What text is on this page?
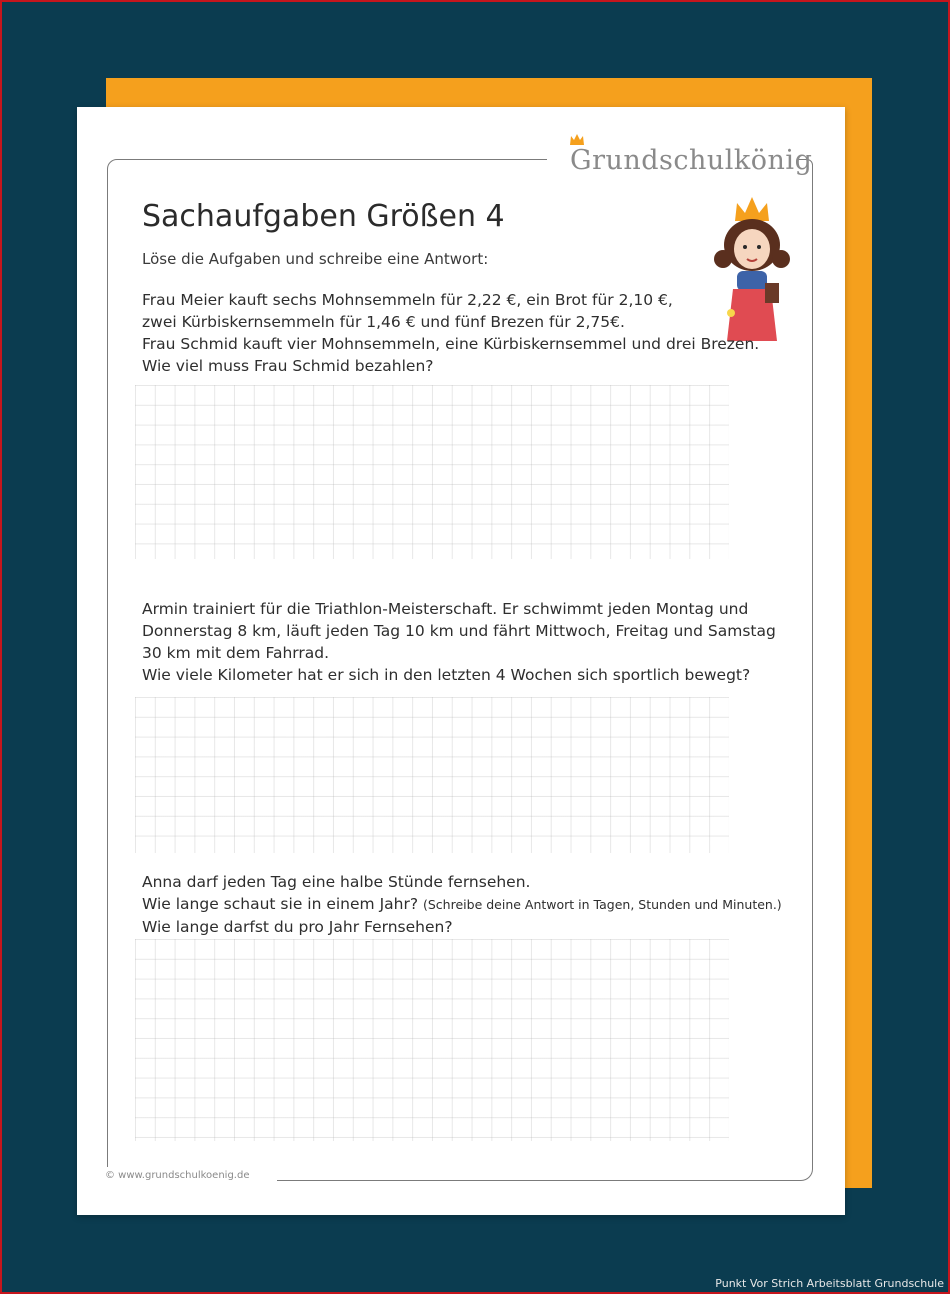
Grundschulkönig
Sachaufgaben Größen 4
Löse die Aufgaben und schreibe eine Antwort:

Frau Meier kauft sechs Mohnsemmeln für 2,22 €, ein Brot für 2,10 €,

zwei Kürbiskernsemmeln für 1,46 € und fünf Brezen für 2,75€.

Frau Schmid kauft vier Mohnsemmeln, eine Kürbiskernsemmel und drei Brezen.

Wie viel muss Frau Schmid bezahlen?

Armin trainiert für die Triathlon-Meisterschaft. Er schwimmt jeden Montag und

Donnerstag 8 km, läuft jeden Tag 10 km und fährt Mittwoch, Freitag und Samstag

30 km mit dem Fahrrad.

Wie viele Kilometer hat er sich in den letzten 4 Wochen sich sportlich bewegt?

Anna darf jeden Tag eine halbe Stünde fernsehen.

Wie lange schaut sie in einem Jahr? (Schreibe deine Antwort in Tagen, Stunden und Minuten.)

Wie lange darfst du pro Jahr Fernsehen?

© www.grundschulkoenig.de
Punkt Vor Strich Arbeitsblatt Grundschule
